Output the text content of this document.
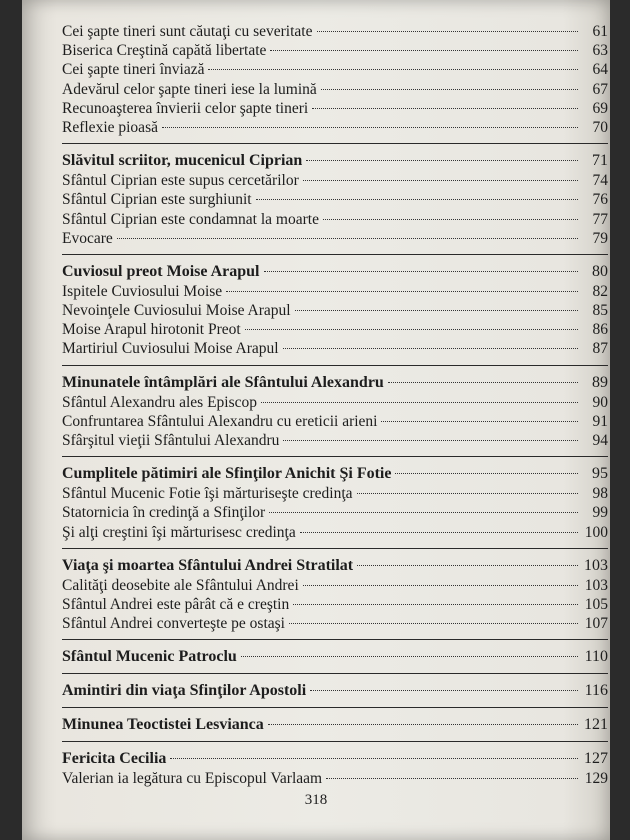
Cei şapte tineri sunt căutaţi cu severitate	61
Biserica Creştină capătă libertate	63
Cei şapte tineri înviază	64
Adevărul celor şapte tineri iese la lumină	67
Recunoaşterea învierii celor şapte tineri	69
Reflexie pioasă	70
Slăvitul scriitor, mucenicul Ciprian	71
Sfântul Ciprian este supus cercetărilor	74
Sfântul Ciprian este surghiunit	76
Sfântul Ciprian este condamnat la moarte	77
Evocare	79
Cuviosul preot Moise Arapul	80
Ispitele Cuviosului Moise	82
Nevoinţele Cuviosului Moise Arapul	85
Moise Arapul hirotonit Preot	86
Martiriul Cuviosului Moise Arapul	87
Minunatele întâmplări ale Sfântului Alexandru	89
Sfântul Alexandru ales Episcop	90
Confruntarea Sfântului Alexandru cu ereticii arieni	91
Sfârşitul vieţii Sfântului Alexandru	94
Cumplitele pătimiri ale Sfinţilor Anichit Şi Fotie	95
Sfântul Mucenic Fotie îşi mărturiseşte credinţa	98
Statornicia în credinţă a Sfinţilor	99
Şi alţi creştini îşi mărturisesc credinţa	100
Viaţa şi moartea Sfântului Andrei Stratilat	103
Calităţi deosebite ale Sfântului Andrei	103
Sfântul Andrei este pârât că e creştin	105
Sfântul Andrei converteşte pe ostaşi	107
Sfântul Mucenic Patroclu	110
Amintiri din viaţa Sfinţilor Apostoli	116
Minunea Teoctistei Lesvianca	121
Fericita Cecilia	127
Valerian ia legătura cu Episcopul Varlaam	129
318
